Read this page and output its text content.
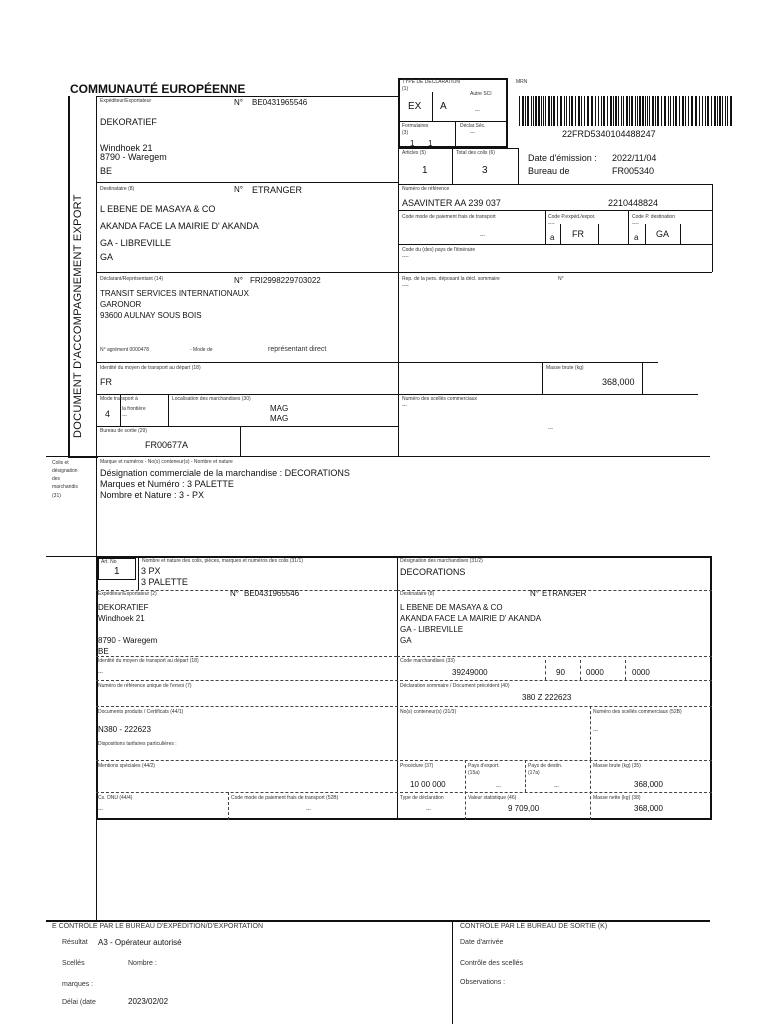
COMMUNAUTÉ EUROPÉENNE
DOCUMENT D'ACCOMPAGNEMENT EXPORT
TYPE DE DÉCLARATION
(1)
Autre SCI
EX A	---
MRN
22FRD5340104488247
Formulaires
(3)
1 1
Déclar.Séc.
---
Articles (5)
1
Total des colis (6)
3
Date d'émission : 2022/11/04
Bureau de	FR005340
Expéditeur/Exportateur	N° BE0431965546
DEKORATIEF
Windhoek 21
8790 - Waregem
BE
Destinataire (8)	N° ETRANGER
L EBENE DE MASAYA & CO
AKANDA FACE LA MAIRIE D' AKANDA
GA - LIBREVILLE
GA
Numéro de référence
ASAVINTER AA 239 037	2210448824
Code mode de paiement frais de transport
---
Code P.expéd./expor.
----
a FR
Code P. destination
----
a GA
Code du (des) pays de l'itinéraire
----
Déclarant/Représentant (14)	N° FRI2998229703022
TRANSIT SERVICES INTERNATIONAUX
GARONOR
93600 AULNAY SOUS BOIS
N° agrément 0000478	- Mode de	représentant direct
Rep. de la pers. déposant la décl. sommaire	N°
----
Identité du moyen de transport au départ (18)
FR
Masse brute (kg)
368,000
Mode transport à
4 la frontière
---
Localisation des marchandises (30)
MAG
MAG
Numéro des scellés commerciaux
---
---
Bureau de sortie (29)
FR00677A
Colis et
désignation
des
marchandis
(31)
Marque et numéros - No(s) conteneur(s) - Nombre et nature
Désignation commerciale de la marchandise : DECORATIONS
Marques et Numéro : 3 PALETTE
Nombre et Nature : 3 - PX
Art. No
1
Nombre et nature des colis, pièces, marques et numéros des colis (31/1)
3 PX
3 PALETTE
Désignation des marchandises (31/2)
DECORATIONS
Expéditeur/Exportateur (2)	N° BE0431965546
DEKORATIEF
Windhoek 21
8790 - Waregem
BE
Destinataire (8)	N° ETRANGER
L EBENE DE MASAYA & CO
AKANDA FACE LA MAIRIE D' AKANDA
GA - LIBREVILLE
GA
Identité du moyen de transport au départ (18)
---
Code marchandises (33)
39249000	90	0000	0000
Numéro de référence unique de l'envoi (7)	Déclaration sommaire / Document précédent (40)
380 Z 222623
Documents produits / Certificats (44/1)
N380 - 222623
Dispositions tarifaires particulières :
No(s) conteneur(s) (31/3)	Numéro des scellés commerciaux (52B)
---
Mentions spéciales (44/2)	Procédure (37)
10 00 000
Pays d'export.
(15a)
---
Pays de destin.
(17a)
---
Masse brute (kg) (35)
368,000
Cs. ONU (44/4)
---
Code mode de paiement frais de transport (52B)
---
Type de déclaration
---
Valeur statistique (46)
9 709,00
Masse nette (kg) (38)
368,000
E CONTRÔLE PAR LE BUREAU D'EXPÉDITION/D'EXPORTATION
Résultat A3 - Opérateur autorisé
Scellés	Nombre :
marques :
Délai (date	2023/02/02
CONTRÔLE PAR LE BUREAU DE SORTIE (K)
Date d'arrivée
Contrôle des scellés
Observations :
